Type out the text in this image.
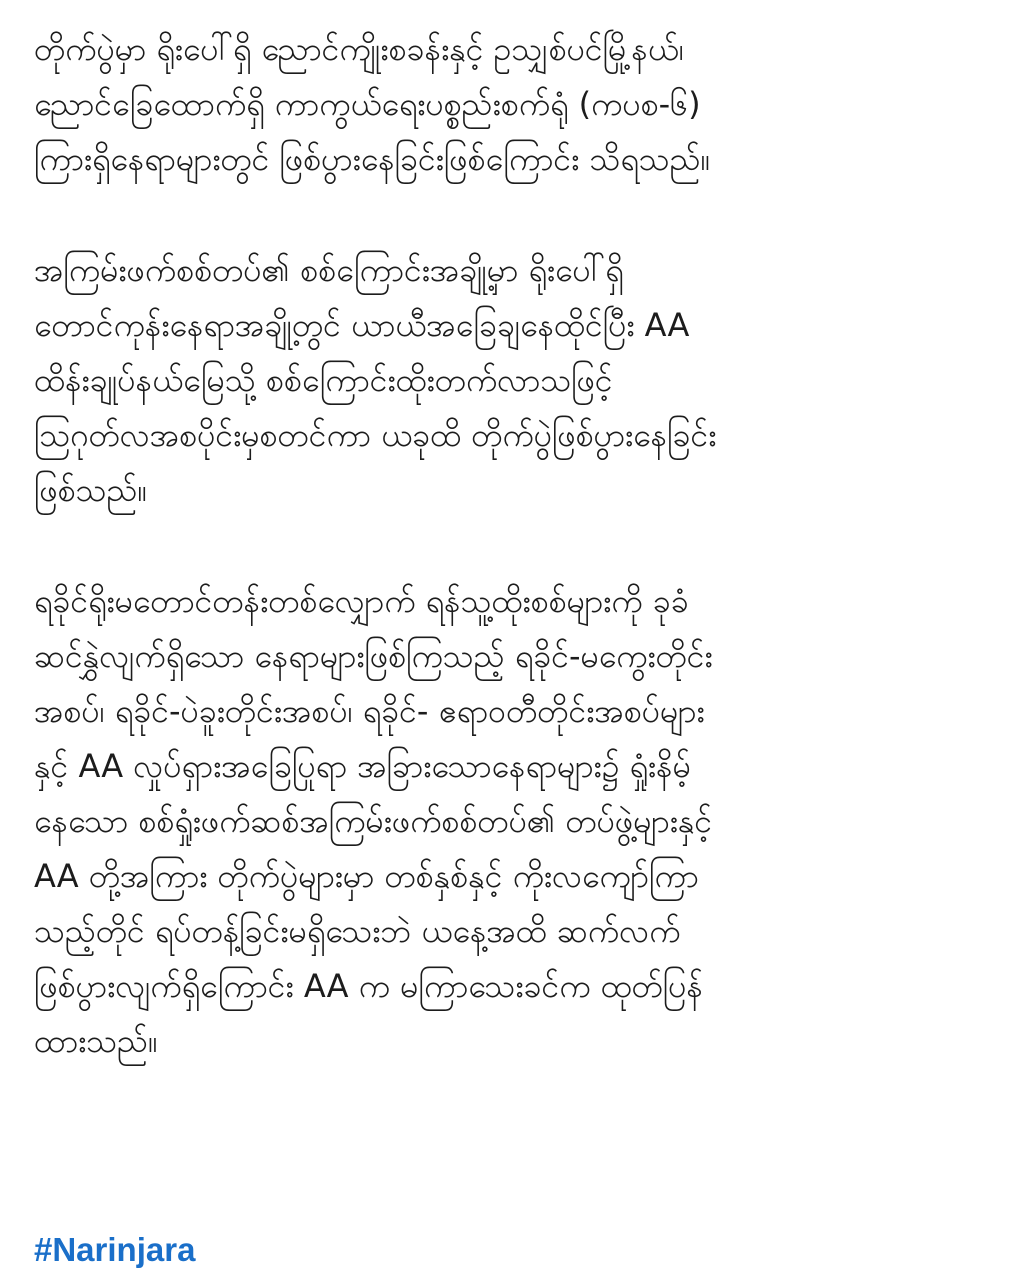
တိုက်ပွဲမှာ ရိုးပေါ်ရှိ ညောင်ကျိုးစခန်းနှင့် ဥသျှစ်ပင်မြို့နယ်၊
ညောင်ခြေထောက်ရှိ ကာကွယ်ရေးပစ္စည်းစက်ရုံ (ကပစ-၆)
ကြားရှိနေရာများတွင် ဖြစ်ပွားနေခြင်းဖြစ်ကြောင်း သိရသည်။

အကြမ်းဖက်စစ်တပ်၏ စစ်ကြောင်းအချို့မှာ ရိုးပေါ်ရှိ
တောင်ကုန်းနေရာအချို့တွင် ယာယီအခြေချနေထိုင်ပြီး AA
ထိန်းချုပ်နယ်မြေသို့ စစ်ကြောင်းထိုးတက်လာသဖြင့်
ဩဂုတ်လအစပိုင်းမှစတင်ကာ ယခုထိ တိုက်ပွဲဖြစ်ပွားနေခြင်း
ဖြစ်သည်။

ရခိုင်ရိုးမတောင်တန်းတစ်လျှောက် ရန်သူ့ထိုးစစ်များကို ခုခံ
ဆင်နွှဲလျက်ရှိသော နေရာများဖြစ်ကြသည့် ရခိုင်-မကွေးတိုင်း
အစပ်၊ ရခိုင်-ပဲခူးတိုင်းအစပ်၊ ရခိုင်- ဧရာဝတီတိုင်းအစပ်များ
နှင့် AA လှုပ်ရှားအခြေပြုရာ အခြားသောနေရာများ၌ ရှုံးနိမ့်
နေသော စစ်ရှုံးဖက်ဆစ်အကြမ်းဖက်စစ်တပ်၏ တပ်ဖွဲ့များနှင့်
AA တို့အကြား တိုက်ပွဲများမှာ တစ်နှစ်နှင့် ကိုးလကျော်ကြာ
သည့်တိုင် ရပ်တန့်ခြင်းမရှိသေးဘဲ ယနေ့အထိ ဆက်လက်
ဖြစ်ပွားလျက်ရှိကြောင်း AA က မကြာသေးခင်က ထုတ်ပြန်
ထားသည်။

#Narinjara
